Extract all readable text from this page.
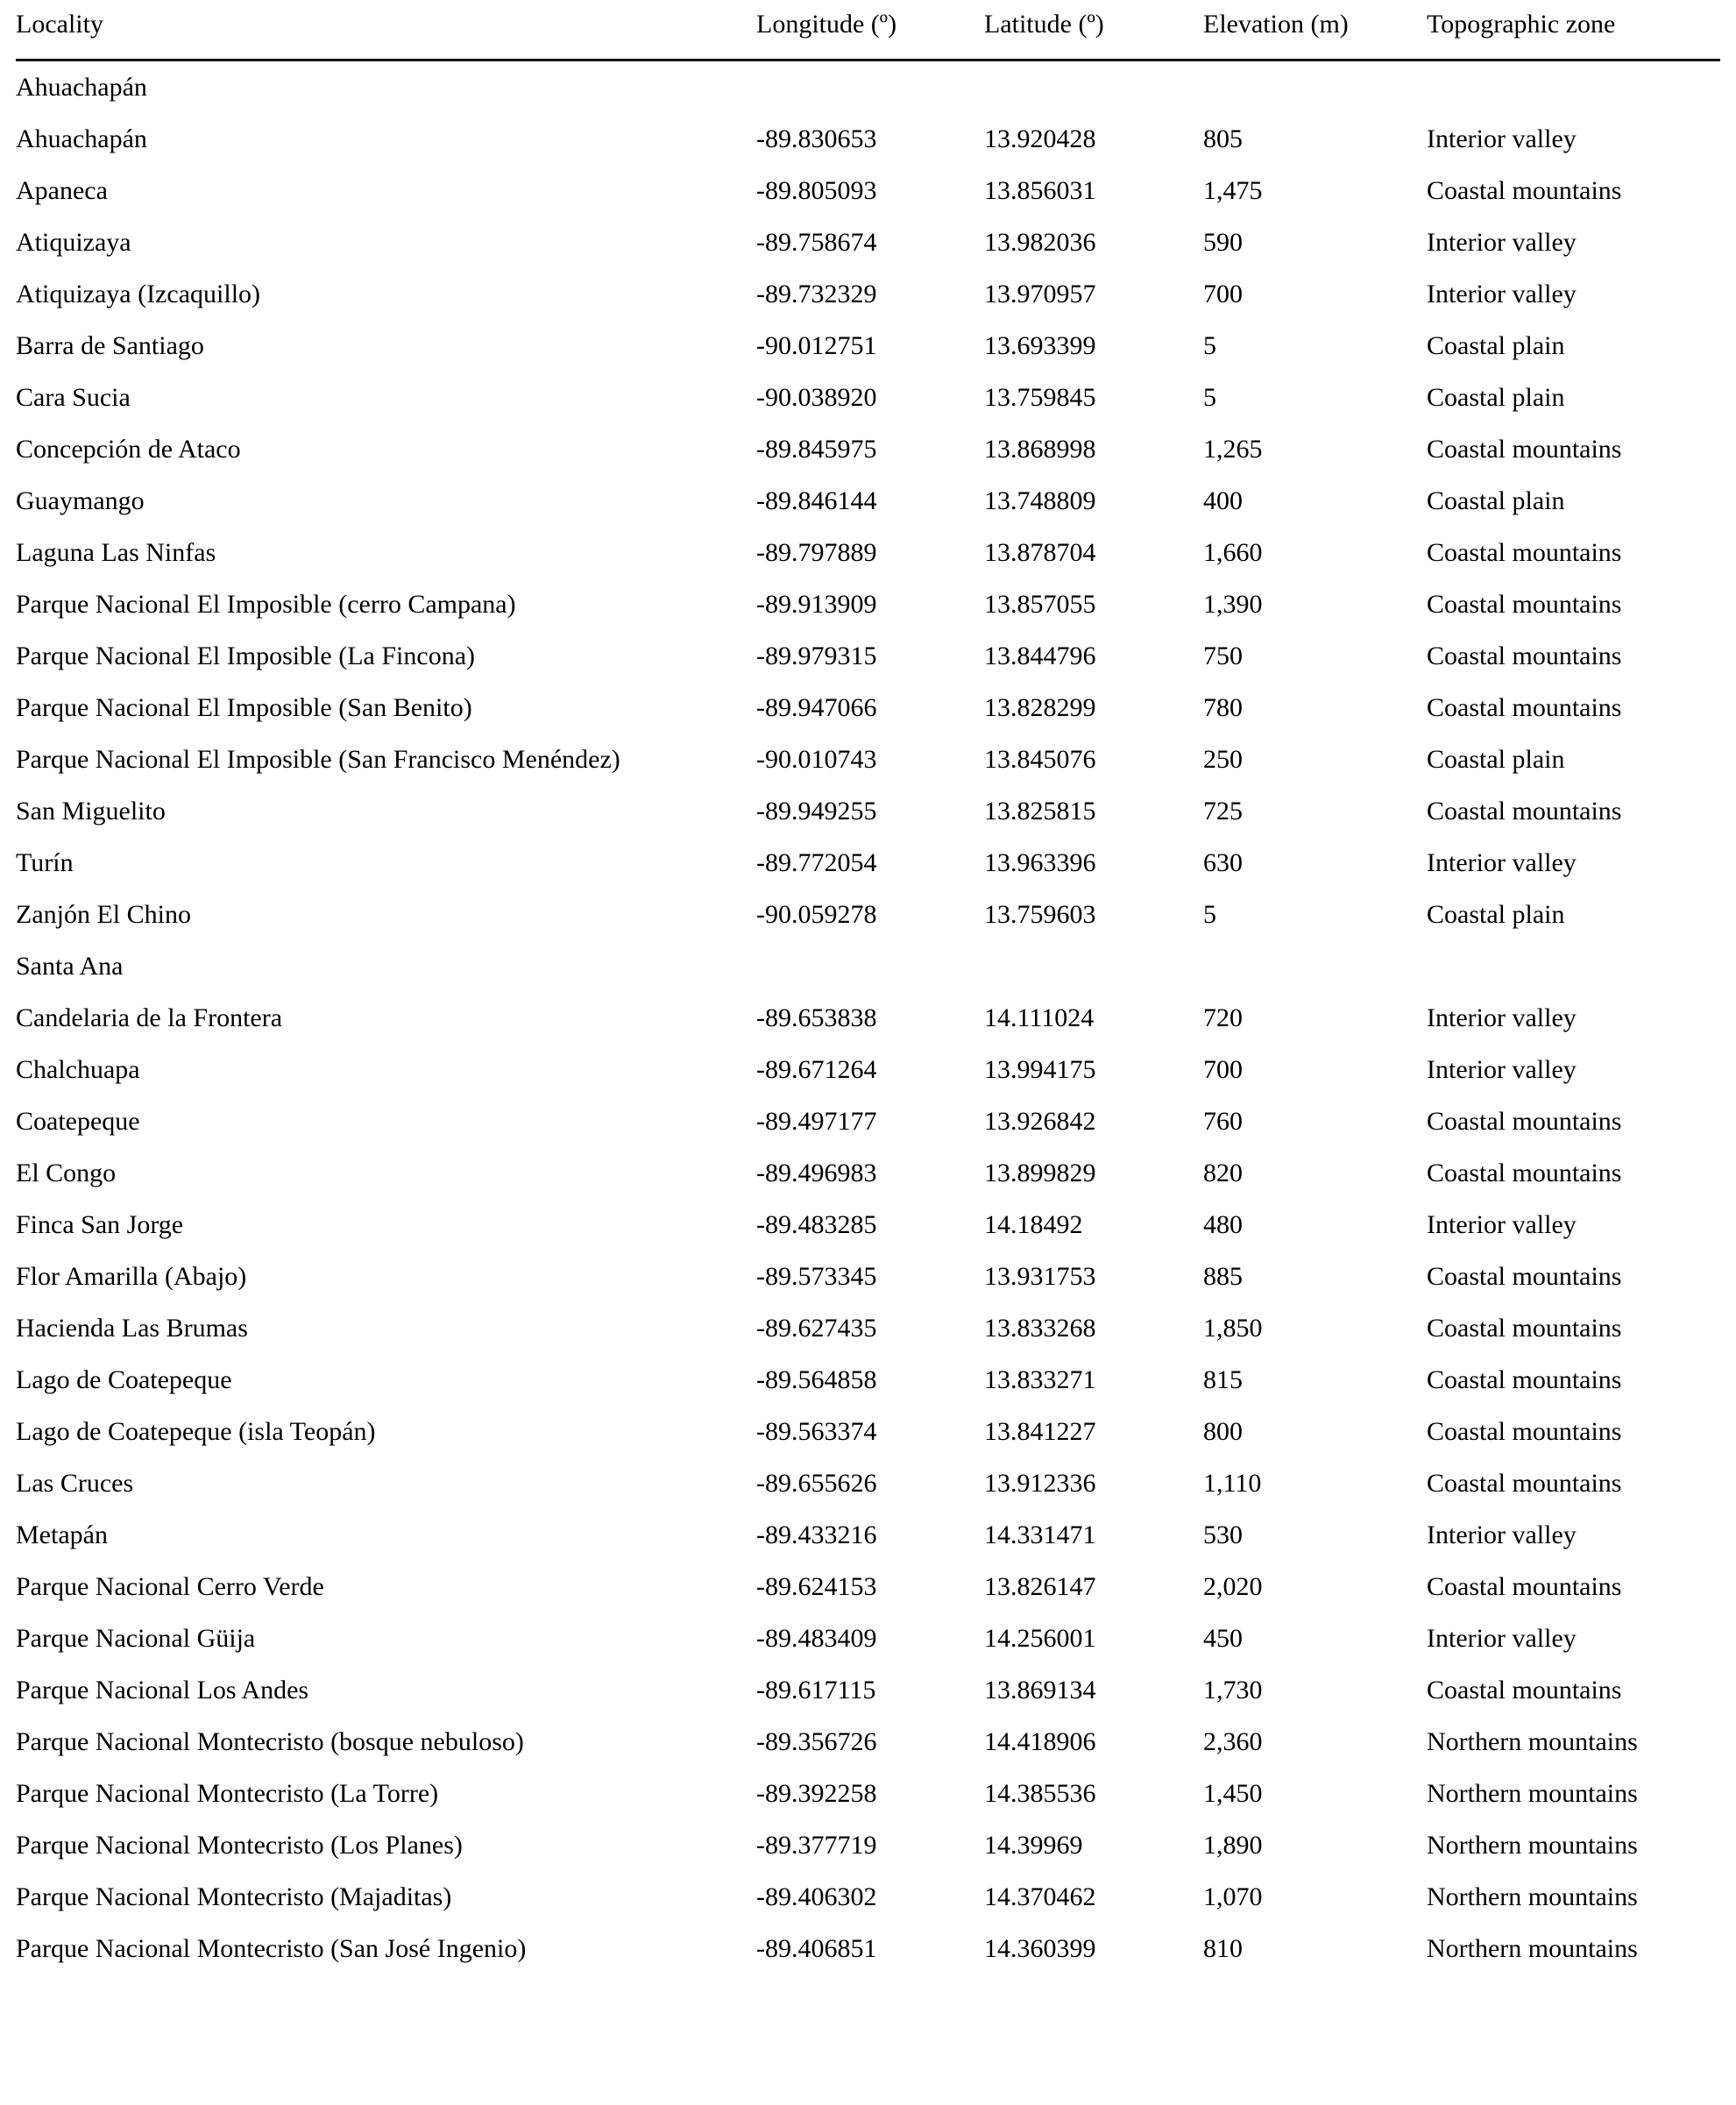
Locality	Longitude (º)	Latitude (º)	Elevation (m)	Topographic zone
Ahuachapán				
Ahuachapán	-89.830653	13.920428	805	Interior valley
Apaneca	-89.805093	13.856031	1,475	Coastal mountains
Atiquizaya	-89.758674	13.982036	590	Interior valley
Atiquizaya (Izcaquillo)	-89.732329	13.970957	700	Interior valley
Barra de Santiago	-90.012751	13.693399	5	Coastal plain
Cara Sucia	-90.038920	13.759845	5	Coastal plain
Concepción de Ataco	-89.845975	13.868998	1,265	Coastal mountains
Guaymango	-89.846144	13.748809	400	Coastal plain
Laguna Las Ninfas	-89.797889	13.878704	1,660	Coastal mountains
Parque Nacional El Imposible (cerro Campana)	-89.913909	13.857055	1,390	Coastal mountains
Parque Nacional El Imposible (La Fincona)	-89.979315	13.844796	750	Coastal mountains
Parque Nacional El Imposible (San Benito)	-89.947066	13.828299	780	Coastal mountains
Parque Nacional El Imposible (San Francisco Menéndez)	-90.010743	13.845076	250	Coastal plain
San Miguelito	-89.949255	13.825815	725	Coastal mountains
Turín	-89.772054	13.963396	630	Interior valley
Zanjón El Chino	-90.059278	13.759603	5	Coastal plain
Santa Ana				
Candelaria de la Frontera	-89.653838	14.111024	720	Interior valley
Chalchuapa	-89.671264	13.994175	700	Interior valley
Coatepeque	-89.497177	13.926842	760	Coastal mountains
El Congo	-89.496983	13.899829	820	Coastal mountains
Finca San Jorge	-89.483285	14.18492	480	Interior valley
Flor Amarilla (Abajo)	-89.573345	13.931753	885	Coastal mountains
Hacienda Las Brumas	-89.627435	13.833268	1,850	Coastal mountains
Lago de Coatepeque	-89.564858	13.833271	815	Coastal mountains
Lago de Coatepeque (isla Teopán)	-89.563374	13.841227	800	Coastal mountains
Las Cruces	-89.655626	13.912336	1,110	Coastal mountains
Metapán	-89.433216	14.331471	530	Interior valley
Parque Nacional Cerro Verde	-89.624153	13.826147	2,020	Coastal mountains
Parque Nacional Güija	-89.483409	14.256001	450	Interior valley
Parque Nacional Los Andes	-89.617115	13.869134	1,730	Coastal mountains
Parque Nacional Montecristo (bosque nebuloso)	-89.356726	14.418906	2,360	Northern mountains
Parque Nacional Montecristo (La Torre)	-89.392258	14.385536	1,450	Northern mountains
Parque Nacional Montecristo (Los Planes)	-89.377719	14.39969	1,890	Northern mountains
Parque Nacional Montecristo (Majaditas)	-89.406302	14.370462	1,070	Northern mountains
Parque Nacional Montecristo (San José Ingenio)	-89.406851	14.360399	810	Northern mountains
